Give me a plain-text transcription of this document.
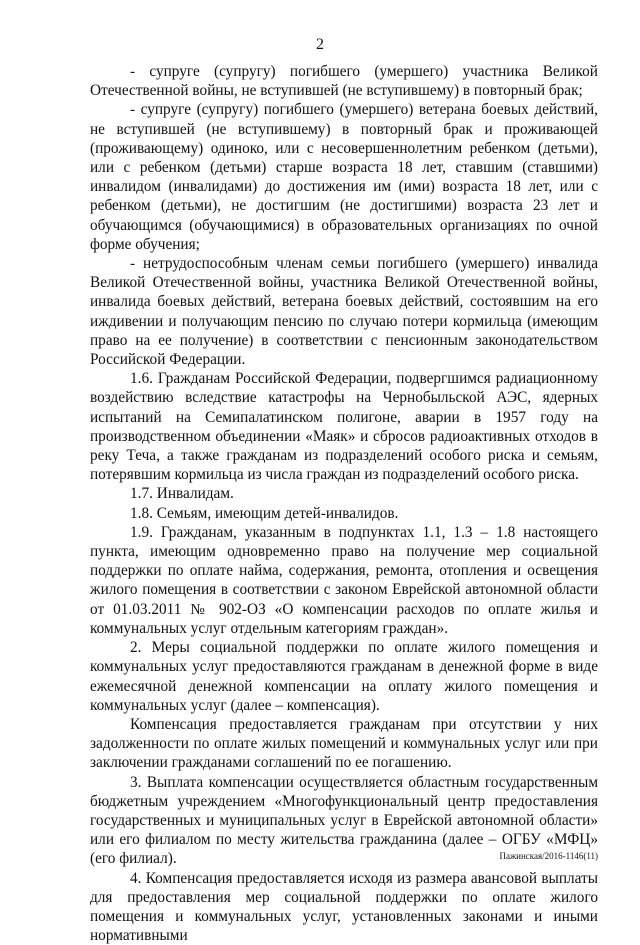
2

- супруге (супругу) погибшего (умершего) участника Великой Отечественной войны, не вступившей (не вступившему) в повторный брак;

- супруге (супругу) погибшего (умершего) ветерана боевых действий, не вступившей (не вступившему) в повторный брак и проживающей (проживающему) одиноко, или с несовершеннолетним ребенком (детьми), или с ребенком (детьми) старше возраста 18 лет, ставшим (ставшими) инвалидом (инвалидами) до достижения им (ими) возраста 18 лет, или с ребенком (детьми), не достигшим (не достигшими) возраста 23 лет и обучающимся (обучающимися) в образовательных организациях по очной форме обучения;

- нетрудоспособным членам семьи погибшего (умершего) инвалида Великой Отечественной войны, участника Великой Отечественной войны, инвалида боевых действий, ветерана боевых действий, состоявшим на его иждивении и получающим пенсию по случаю потери кормильца (имеющим право на ее получение) в соответствии с пенсионным законодательством Российской Федерации.

1.6. Гражданам Российской Федерации, подвергшимся радиационному воздействию вследствие катастрофы на Чернобыльской АЭС, ядерных испытаний на Семипалатинском полигоне, аварии в 1957 году на производственном объединении «Маяк» и сбросов радиоактивных отходов в реку Теча, а также гражданам из подразделений особого риска и семьям, потерявшим кормильца из числа граждан из подразделений особого риска.

1.7. Инвалидам.

1.8. Семьям, имеющим детей-инвалидов.

1.9. Гражданам, указанным в подпунктах 1.1, 1.3 – 1.8 настоящего пункта, имеющим одновременно право на получение мер социальной поддержки по оплате найма, содержания, ремонта, отопления и освещения жилого помещения в соответствии с законом Еврейской автономной области от 01.03.2011 № 902-ОЗ «О компенсации расходов по оплате жилья и коммунальных услуг отдельным категориям граждан».

2. Меры социальной поддержки по оплате жилого помещения и коммунальных услуг предоставляются гражданам в денежной форме в виде ежемесячной денежной компенсации на оплату жилого помещения и коммунальных услуг (далее – компенсация).

Компенсация предоставляется гражданам при отсутствии у них задолженности по оплате жилых помещений и коммунальных услуг или при заключении гражданами соглашений по ее погашению.

3. Выплата компенсации осуществляется областным государственным бюджетным учреждением «Многофункциональный центр предоставления государственных и муниципальных услуг в Еврейской автономной области» или его филиалом по месту жительства гражданина (далее – ОГБУ «МФЦ» (его филиал).

4. Компенсация предоставляется исходя из размера авансовой выплаты для предоставления мер социальной поддержки по оплате жилого помещения и коммунальных услуг, установленных законами и иными нормативными

Пажинская/2016-1146(11)
